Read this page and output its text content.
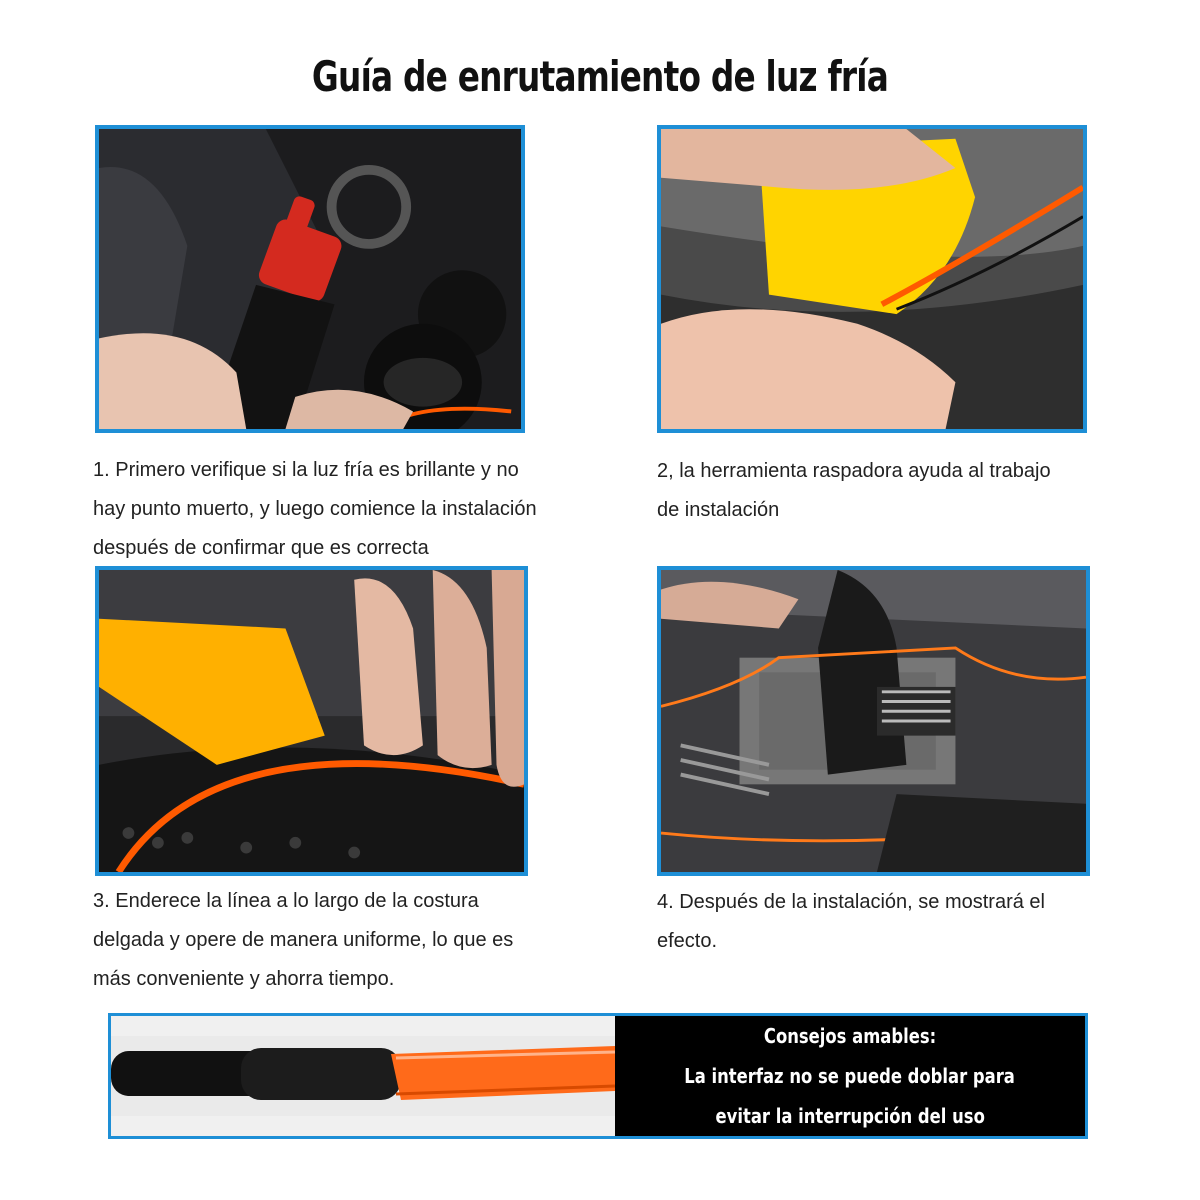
Guía de enrutamiento de luz fría
1. Primero verifique si la luz fría es brillante y no
hay punto muerto, y luego comience la instalación
después de confirmar que es correcta
2, la herramienta raspadora ayuda al trabajo
de instalación
3. Enderece la línea a lo largo de la costura
delgada y opere de manera uniforme, lo que es
más conveniente y ahorra tiempo.
4. Después de la instalación, se mostrará el
efecto.
Consejos amables:
La interfaz no se puede doblar para
evitar la interrupción del uso
